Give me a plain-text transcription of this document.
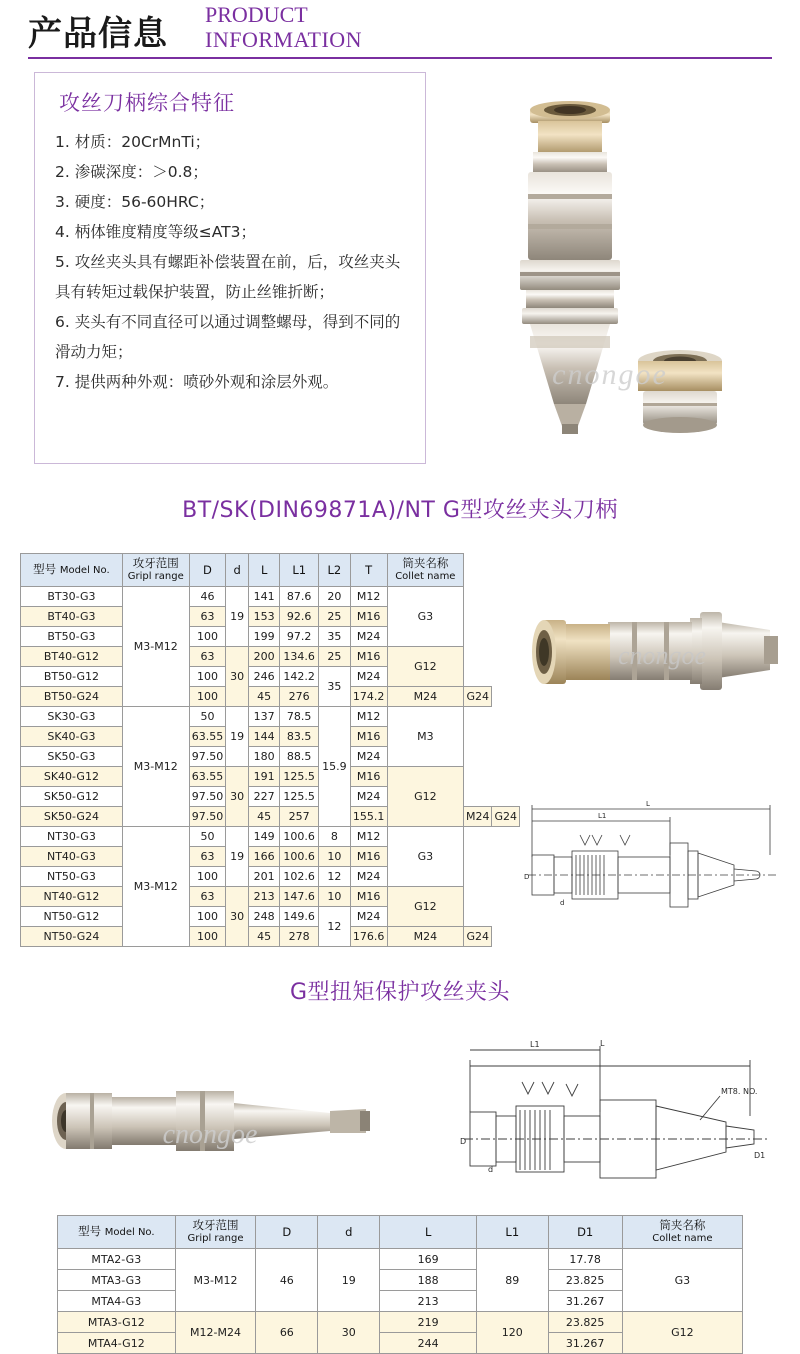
产品信息 PRODUCT
INFORMATION
攻丝刀柄综合特征
材质：20CrMnTi；
渗碳深度：＞0.8；
硬度：56-60HRC；
柄体锥度精度等级≤AT3；
攻丝夹头具有螺距补偿装置在前，后，攻丝夹头具有转矩过载保护装置，防止丝锥折断；
夹头有不同直径可以通过调整螺母，得到不同的滑动力矩；
提供两种外观：喷砂外观和涂层外观。	cnongoe
BT/SK(DIN69871A)/NT G型攻丝夹头刀柄
型号 Model No.	
攻牙范围
Gripl range	D	d	L	L1	L2	T	筒夹名称
Collet name

BT30-G3	M3-M12	46	19	141	87.6	20	M12	G3		
BT40-G3		63		153	92.6	25	M16			
BT50-G3		100		199	97.2	35	M24			
BT40-G12		63	30	200	134.6	25	M16	G12		
BT50-G12		100		246	142.2	35	M24			
BT50-G24		100		45	276		174.2	M24	G24	
SK30-G3	M3-M12	50	19	137	78.5	15.9	M12	M3		
SK40-G3		63.55		144	83.5		M16			
SK50-G3		97.50		180	88.5		M24			
SK40-G12		63.55	30	191	125.5		M16	G12		
SK50-G12		97.50		227	125.5		M24			
SK50-G24		97.50		45	257		155.1		M24	G24
NT30-G3	M3-M12	50	19	149	100.6	8	M12	G3		
NT40-G3		63		166	100.6	10	M16			
NT50-G3		100		201	102.6	12	M24			
NT40-G12		63	30	213	147.6	10	M16	G12		
NT50-G12		100		248	149.6	12	M24			
NT50-G24		100		45	278		176.6	M24	G24	
cnongoe
L
L1
D
d
G型扭矩保护攻丝夹头
cnongoe
L
L1
D
d
MT8. NO.
D1
型号 Model No.	
攻牙范围
Gripl range	D	d	L	L1	D1	筒夹名称
Collet name

MTA2-G3	M3-M12	46	19	169	89	17.78	G3
MTA3-G3				188		23.825	
MTA4-G3				213		31.267	
MTA3-G12	M12-M24	66	30	219	120	23.825	G12
MTA4-G12				244		31.267	
